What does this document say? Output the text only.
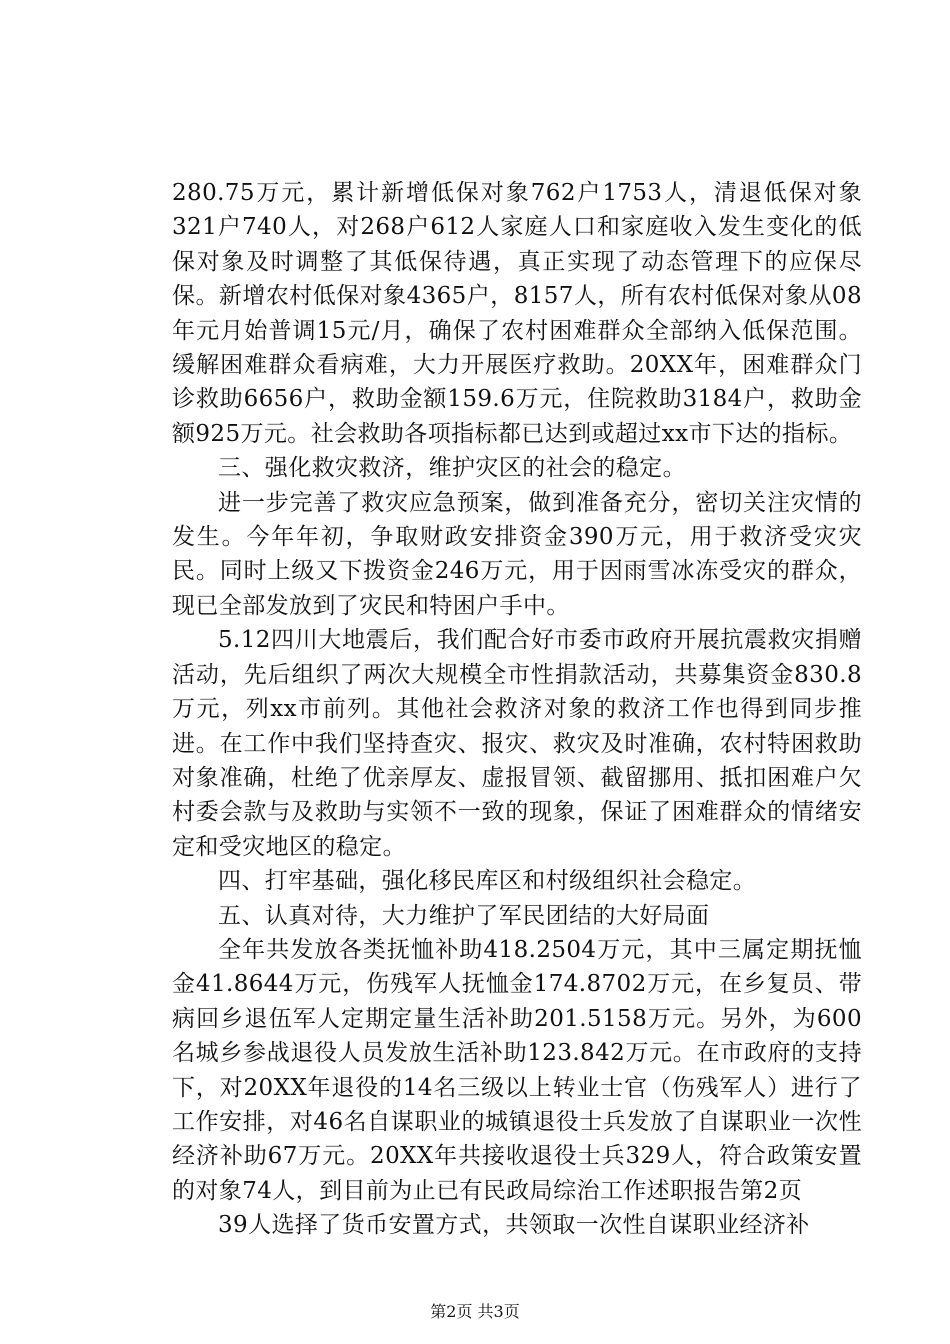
280.75万元，累计新增低保对象762户1753人，清退低保对象321户740人，对268户612人家庭人口和家庭收入发生变化的低保对象及时调整了其低保待遇，真正实现了动态管理下的应保尽保。新增农村低保对象4365户，8157人，所有农村低保对象从08年元月始普调15元/月，确保了农村困难群众全部纳入低保范围。缓解困难群众看病难，大力开展医疗救助。20XX年，困难群众门诊救助6656户，救助金额159.6万元，住院救助3184户，救助金额925万元。社会救助各项指标都已达到或超过xx市下达的指标。

三、强化救灾救济，维护灾区的社会的稳定。

进一步完善了救灾应急预案，做到准备充分，密切关注灾情的发生。今年年初，争取财政安排资金390万元，用于救济受灾灾民。同时上级又下拨资金246万元，用于因雨雪冰冻受灾的群众，现已全部发放到了灾民和特困户手中。

5.12四川大地震后，我们配合好市委市政府开展抗震救灾捐赠活动，先后组织了两次大规模全市性捐款活动，共募集资金830.8万元，列xx市前列。其他社会救济对象的救济工作也得到同步推进。在工作中我们坚持查灾、报灾、救灾及时准确，农村特困救助对象准确，杜绝了优亲厚友、虚报冒领、截留挪用、抵扣困难户欠村委会款与及救助与实领不一致的现象，保证了困难群众的情绪安定和受灾地区的稳定。

四、打牢基础，强化移民库区和村级组织社会稳定。

五、认真对待，大力维护了军民团结的大好局面

全年共发放各类抚恤补助418.2504万元，其中三属定期抚恤金41.8644万元，伤残军人抚恤金174.8702万元，在乡复员、带病回乡退伍军人定期定量生活补助201.5158万元。另外，为600名城乡参战退役人员发放生活补助123.842万元。在市政府的支持下，对20XX年退役的14名三级以上转业士官（伤残军人）进行了工作安排，对46名自谋职业的城镇退役士兵发放了自谋职业一次性经济补助67万元。20XX年共接收退役士兵329人，符合政策安置的对象74人，到目前为止已有民政局综治工作述职报告第2页

39人选择了货币安置方式，共领取一次性自谋职业经济补

第2页 共3页
